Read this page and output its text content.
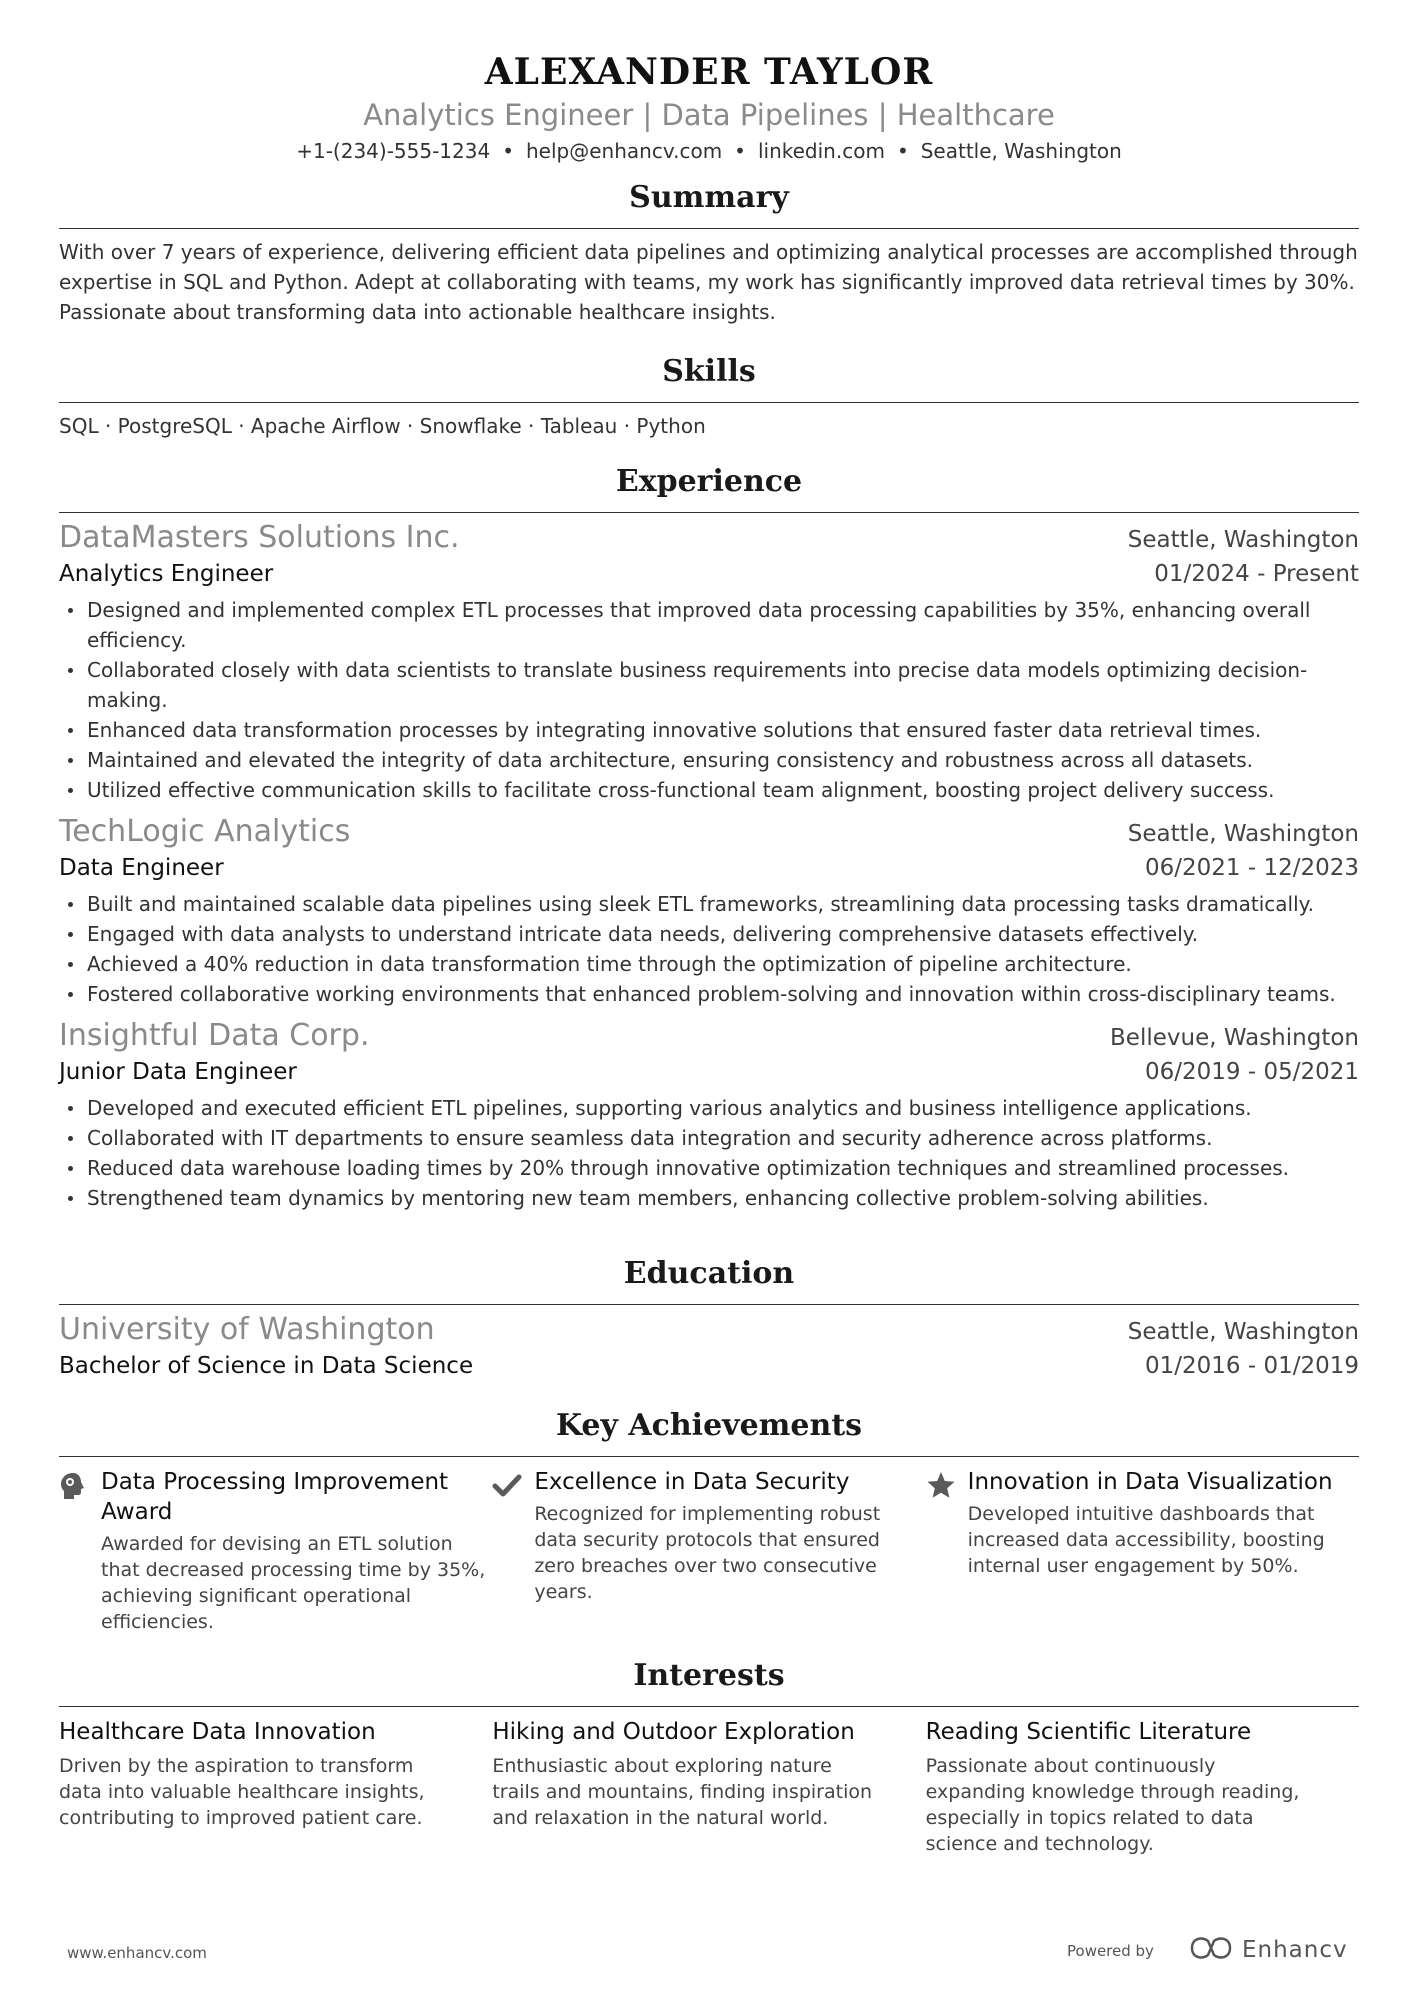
ALEXANDER TAYLOR
Analytics Engineer | Data Pipelines | Healthcare
+1-(234)-555-1234 • help@enhancv.com • linkedin.com • Seattle, Washington
Summary
With over 7 years of experience, delivering efficient data pipelines and optimizing analytical processes are accomplished through expertise in SQL and Python. Adept at collaborating with teams, my work has significantly improved data retrieval times by 30%. Passionate about transforming data into actionable healthcare insights.
Skills
SQL · PostgreSQL · Apache Airflow · Snowflake · Tableau · Python
Experience
DataMasters Solutions Inc.	Seattle, Washington
Analytics Engineer	01/2024 - Present
Designed and implemented complex ETL processes that improved data processing capabilities by 35%, enhancing overall efficiency.
Collaborated closely with data scientists to translate business requirements into precise data models optimizing decision-making.
Enhanced data transformation processes by integrating innovative solutions that ensured faster data retrieval times.
Maintained and elevated the integrity of data architecture, ensuring consistency and robustness across all datasets.
Utilized effective communication skills to facilitate cross-functional team alignment, boosting project delivery success.
TechLogic Analytics	Seattle, Washington
Data Engineer	06/2021 - 12/2023
Built and maintained scalable data pipelines using sleek ETL frameworks, streamlining data processing tasks dramatically.
Engaged with data analysts to understand intricate data needs, delivering comprehensive datasets effectively.
Achieved a 40% reduction in data transformation time through the optimization of pipeline architecture.
Fostered collaborative working environments that enhanced problem-solving and innovation within cross-disciplinary teams.
Insightful Data Corp.	Bellevue, Washington
Junior Data Engineer	06/2019 - 05/2021
Developed and executed efficient ETL pipelines, supporting various analytics and business intelligence applications.
Collaborated with IT departments to ensure seamless data integration and security adherence across platforms.
Reduced data warehouse loading times by 20% through innovative optimization techniques and streamlined processes.
Strengthened team dynamics by mentoring new team members, enhancing collective problem-solving abilities.
Education
University of Washington	Seattle, Washington
Bachelor of Science in Data Science	01/2016 - 01/2019
Key Achievements
Data Processing Improvement Award
Awarded for devising an ETL solution that decreased processing time by 35%, achieving significant operational efficiencies.
Excellence in Data Security
Recognized for implementing robust data security protocols that ensured zero breaches over two consecutive years.
Innovation in Data Visualization
Developed intuitive dashboards that increased data accessibility, boosting internal user engagement by 50%.
Interests
Healthcare Data Innovation
Driven by the aspiration to transform data into valuable healthcare insights, contributing to improved patient care.
Hiking and Outdoor Exploration
Enthusiastic about exploring nature trails and mountains, finding inspiration and relaxation in the natural world.
Reading Scientific Literature
Passionate about continuously expanding knowledge through reading, especially in topics related to data science and technology.
www.enhancv.com	Powered by	Enhancv
